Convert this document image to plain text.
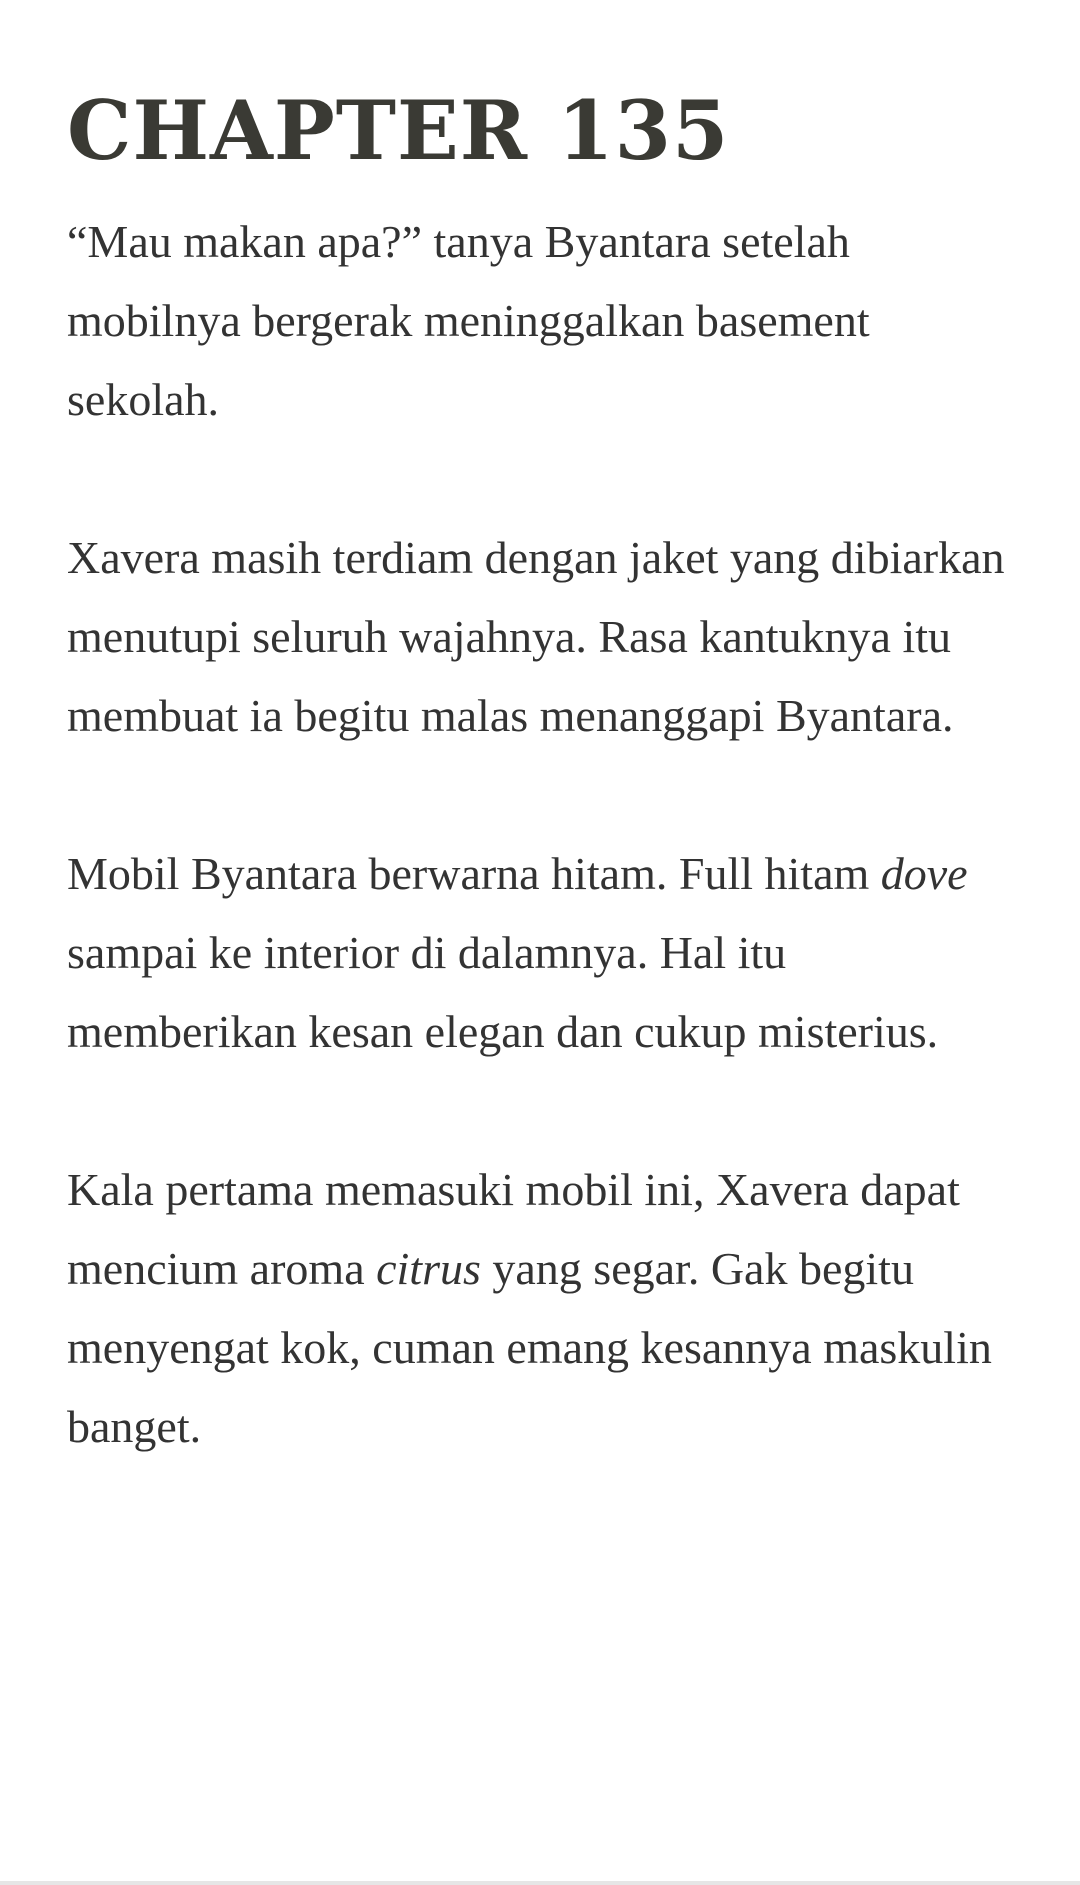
CHAPTER 135

“Mau makan apa?” tanya Byantara setelah mobilnya bergerak meninggalkan basement sekolah.

Xavera masih terdiam dengan jaket yang dibiarkan menutupi seluruh wajahnya. Rasa kantuknya itu membuat ia begitu malas menanggapi Byantara.

Mobil Byantara berwarna hitam. Full hitam dove sampai ke interior di dalamnya. Hal itu memberikan kesan elegan dan cukup misterius.

Kala pertama memasuki mobil ini, Xavera dapat mencium aroma citrus yang segar. Gak begitu menyengat kok, cuman emang kesannya maskulin banget.
